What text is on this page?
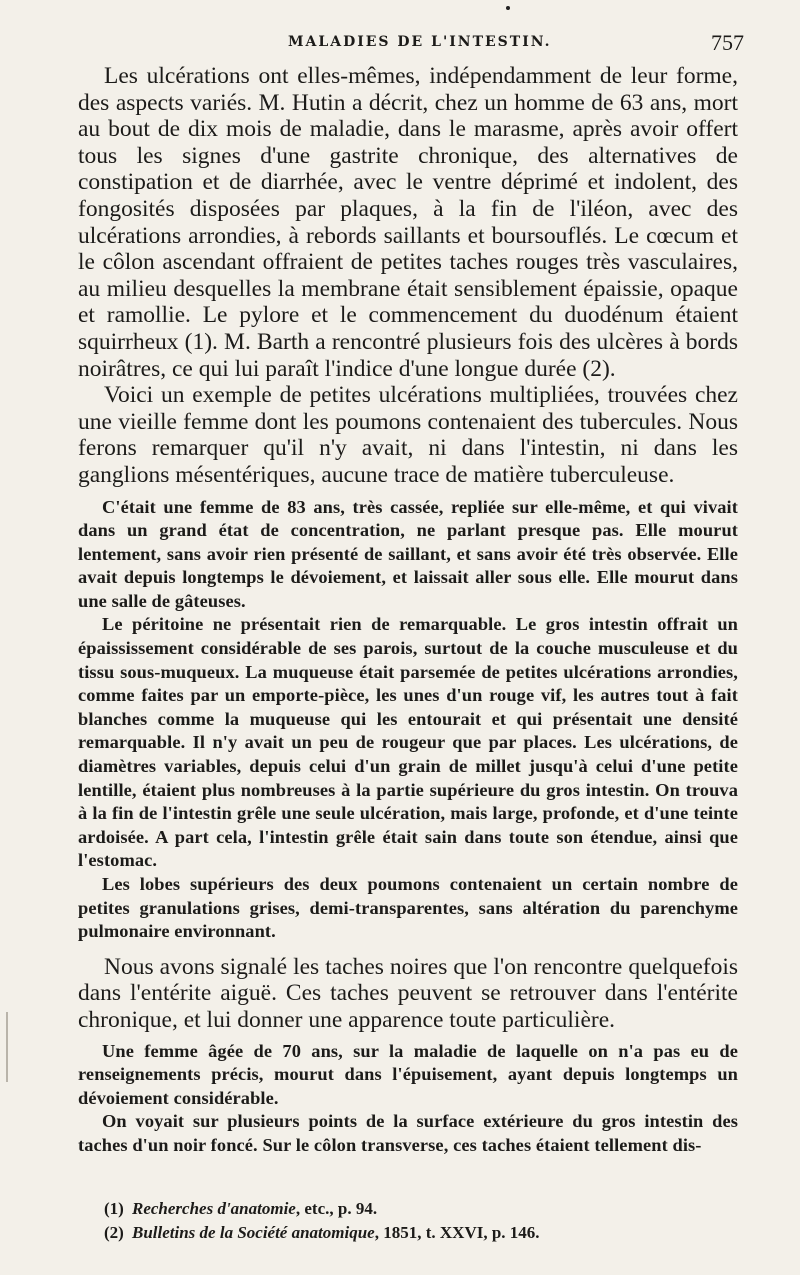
MALADIES DE L'INTESTIN.	757

Les ulcérations ont elles-mêmes, indépendamment de leur forme, des aspects variés. M. Hutin a décrit, chez un homme de 63 ans, mort au bout de dix mois de maladie, dans le marasme, après avoir offert tous les signes d'une gastrite chronique, des alternatives de constipation et de diarrhée, avec le ventre déprimé et indolent, des fongosités disposées par plaques, à la fin de l'iléon, avec des ulcérations arrondies, à rebords saillants et boursouflés. Le cœcum et le côlon ascendant offraient de petites taches rouges très vasculaires, au milieu desquelles la membrane était sensiblement épaissie, opaque et ramollie. Le pylore et le commencement du duodénum étaient squirrheux (1). M. Barth a rencontré plusieurs fois des ulcères à bords noirâtres, ce qui lui paraît l'indice d'une longue durée (2).

Voici un exemple de petites ulcérations multipliées, trouvées chez une vieille femme dont les poumons contenaient des tubercules. Nous ferons remarquer qu'il n'y avait, ni dans l'intestin, ni dans les ganglions mésentériques, aucune trace de matière tuberculeuse.

C'était une femme de 83 ans, très cassée, repliée sur elle-même, et qui vivait dans un grand état de concentration, ne parlant presque pas. Elle mourut lentement, sans avoir rien présenté de saillant, et sans avoir été très observée. Elle avait depuis longtemps le dévoiement, et laissait aller sous elle. Elle mourut dans une salle de gâteuses.

Le péritoine ne présentait rien de remarquable. Le gros intestin offrait un épaississement considérable de ses parois, surtout de la couche musculeuse et du tissu sous-muqueux. La muqueuse était parsemée de petites ulcérations arrondies, comme faites par un emporte-pièce, les unes d'un rouge vif, les autres tout à fait blanches comme la muqueuse qui les entourait et qui présentait une densité remarquable. Il n'y avait un peu de rougeur que par places. Les ulcérations, de diamètres variables, depuis celui d'un grain de millet jusqu'à celui d'une petite lentille, étaient plus nombreuses à la partie supérieure du gros intestin. On trouva à la fin de l'intestin grêle une seule ulcération, mais large, profonde, et d'une teinte ardoisée. A part cela, l'intestin grêle était sain dans toute son étendue, ainsi que l'estomac.

Les lobes supérieurs des deux poumons contenaient un certain nombre de petites granulations grises, demi-transparentes, sans altération du parenchyme pulmonaire environnant.

Nous avons signalé les taches noires que l'on rencontre quelquefois dans l'entérite aiguë. Ces taches peuvent se retrouver dans l'entérite chronique, et lui donner une apparence toute particulière.

Une femme âgée de 70 ans, sur la maladie de laquelle on n'a pas eu de renseignements précis, mourut dans l'épuisement, ayant depuis longtemps un dévoiement considérable.

On voyait sur plusieurs points de la surface extérieure du gros intestin des taches d'un noir foncé. Sur le côlon transverse, ces taches étaient tellement dis-

(1) Recherches d'anatomie, etc., p. 94.
(2) Bulletins de la Société anatomique, 1851, t. XXVI, p. 146.
